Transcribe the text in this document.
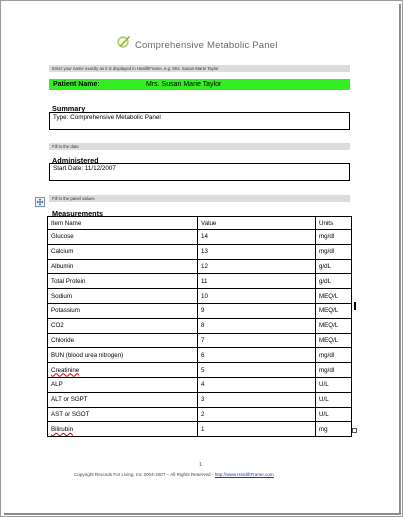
Comprehensive Metabolic Panel
Enter your name exactly as it is displayed in HealthFrame, e.g. Mrs. Susan Marie Taylor
Patient Name:	Mrs. Susan Marie Taylor
Summary
Type: Comprehensive Metabolic Panel
Fill in the date
Administered
Start Date: 11/12/2007
Fill in the panel values
Measurements
Item Name	Value	Units
Glucose	14	mg/dl
Calcium	13	mg/dl
Albumin	12	g/dL
Total Protein	11	g/dL
Sodium	10	MEQ/L
Potassium	9	MEQ/L
CO2	8	MEQ/L
Chloride	7	MEQ/L
BUN (blood urea nitrogen)	6	mg/dl
Creatinine	5	mg/dl
ALP	4	U/L
ALT or SGPT	3	U/L
AST or SGOT	2	U/L
Bilirubin	1	mg
1
Copyright Records For Living, Inc 2004-2007 – All Rights Reserved - http://www.HealthFrame.com
